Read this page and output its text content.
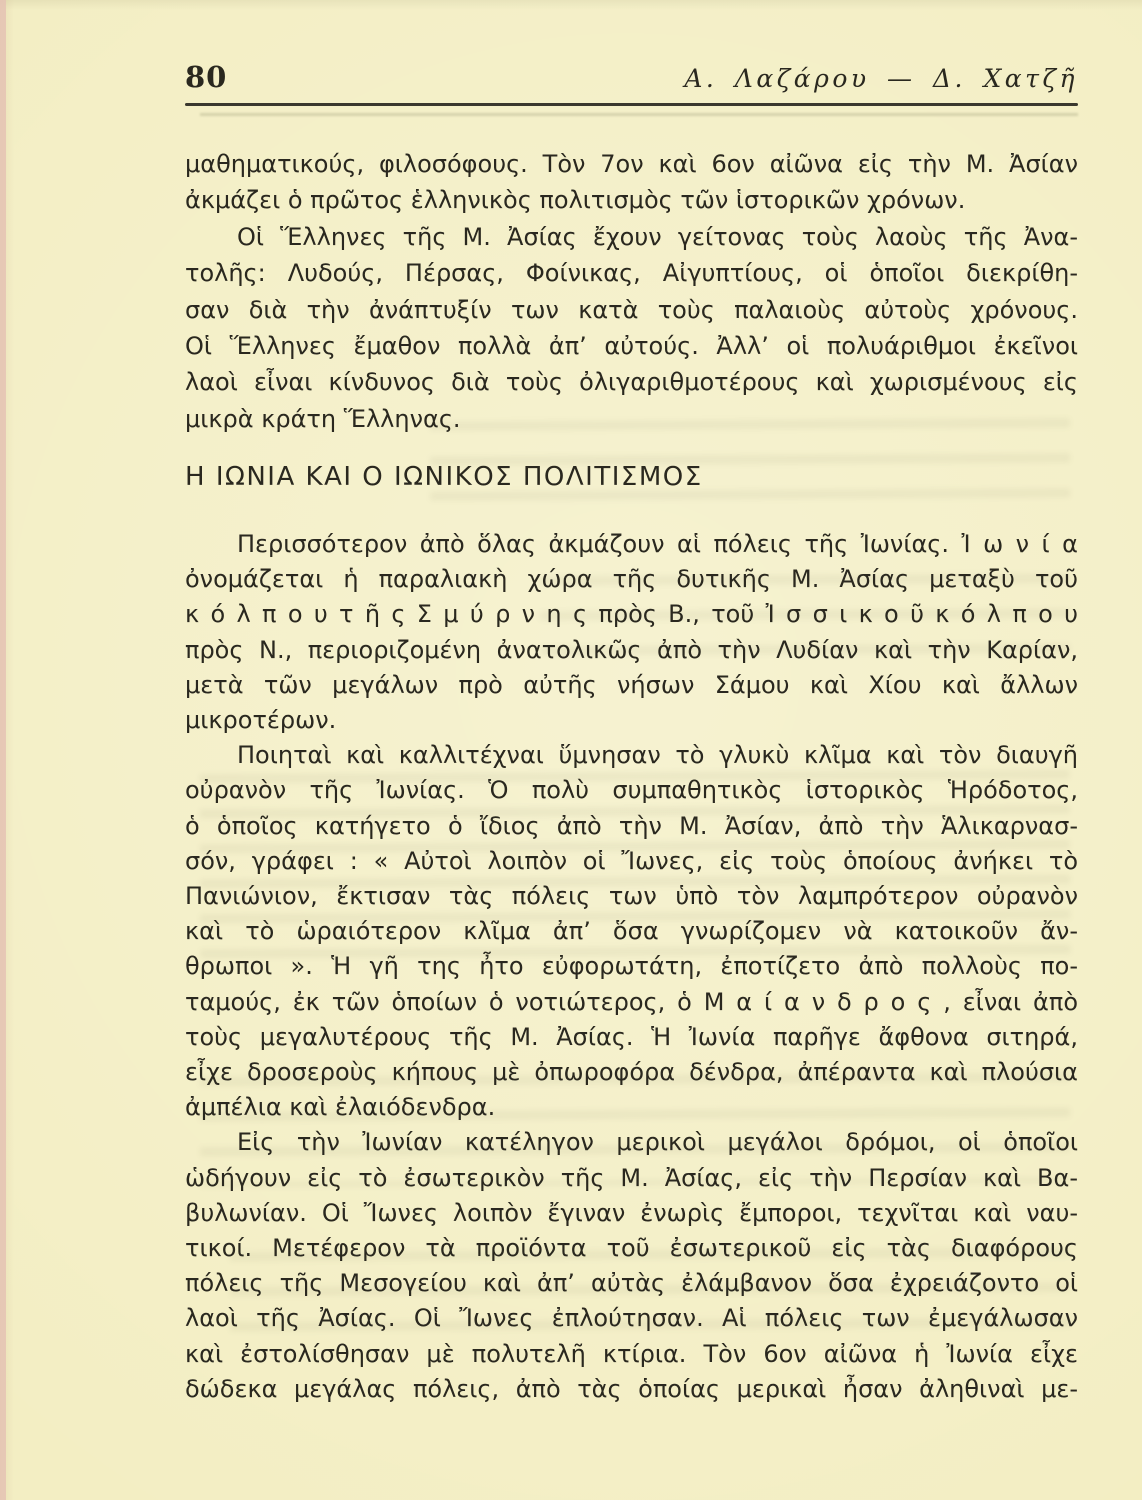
80	Α. Λαζάρου — Δ. Χατζῆ
μαθηματικούς, φιλοσόφους. Τὸν 7ον καὶ 6ον αἰῶνα εἰς τὴν Μ. Ἀσίαν
ἀκμάζει ὁ πρῶτος ἑλληνικὸς πολιτισμὸς τῶν ἱστορικῶν χρόνων.
Οἱ Ἕλληνες τῆς Μ. Ἀσίας ἔχουν γείτονας τοὺς λαοὺς τῆς Ἀνα-
τολῆς: Λυδούς, Πέρσας, Φοίνικας, Αἰγυπτίους, οἱ ὁποῖοι διεκρίθη-
σαν διὰ τὴν ἀνάπτυξίν των κατὰ τοὺς παλαιοὺς αὐτοὺς χρόνους.
Οἱ Ἕλληνες ἔμαθον πολλὰ ἀπ’ αὐτούς. Ἀλλ’ οἱ πολυάριθμοι ἐκεῖνοι
λαοὶ εἶναι κίνδυνος διὰ τοὺς ὀλιγαριθμοτέρους καὶ χωρισμένους εἰς
μικρὰ κράτη Ἕλληνας.
Η ΙΩΝΙΑ ΚΑΙ Ο ΙΩΝΙΚΟΣ ΠΟΛΙΤΙΣΜΟΣ
Περισσότερον ἀπὸ ὅλας ἀκμάζουν αἱ πόλεις τῆς Ἰωνίας. Ἰ ω ν ί α
ὀνομάζεται ἡ παραλιακὴ χώρα τῆς δυτικῆς Μ. Ἀσίας μεταξὺ τοῦ
κ ό λ π ο υ τ ῆ ς Σ μ ύ ρ ν η ς πρὸς Β., τοῦ Ἰ σ σ ι κ ο ῦ κ ό λ π ο υ
πρὸς Ν., περιοριζομένη ἀνατολικῶς ἀπὸ τὴν Λυδίαν καὶ τὴν Καρίαν,
μετὰ τῶν μεγάλων πρὸ αὐτῆς νήσων Σάμου καὶ Χίου καὶ ἄλλων
μικροτέρων.
Ποιηταὶ καὶ καλλιτέχναι ὕμνησαν τὸ γλυκὺ κλῖμα καὶ τὸν διαυγῆ
οὐρανὸν τῆς Ἰωνίας. Ὁ πολὺ συμπαθητικὸς ἱστορικὸς Ἡρόδοτος,
ὁ ὁποῖος κατήγετο ὁ ἴδιος ἀπὸ τὴν Μ. Ἀσίαν, ἀπὸ τὴν Ἁλικαρνασ-
σόν, γράφει : « Αὐτοὶ λοιπὸν οἱ Ἴωνες, εἰς τοὺς ὁποίους ἀνήκει τὸ
Πανιώνιον, ἔκτισαν τὰς πόλεις των ὑπὸ τὸν λαμπρότερον οὐρανὸν
καὶ τὸ ὡραιότερον κλῖμα ἀπ’ ὅσα γνωρίζομεν νὰ κατοικοῦν ἄν-
θρωποι ». Ἡ γῆ της ἦτο εὐφορωτάτη, ἐποτίζετο ἀπὸ πολλοὺς πο-
ταμούς, ἐκ τῶν ὁποίων ὁ νοτιώτερος, ὁ Μ α ί α ν δ ρ ο ς , εἶναι ἀπὸ
τοὺς μεγαλυτέρους τῆς Μ. Ἀσίας. Ἡ Ἰωνία παρῆγε ἄφθονα σιτηρά,
εἶχε δροσεροὺς κήπους μὲ ὀπωροφόρα δένδρα, ἀπέραντα καὶ πλούσια
ἀμπέλια καὶ ἐλαιόδενδρα.
Εἰς τὴν Ἰωνίαν κατέληγον μερικοὶ μεγάλοι δρόμοι, οἱ ὁποῖοι
ὡδήγουν εἰς τὸ ἐσωτερικὸν τῆς Μ. Ἀσίας, εἰς τὴν Περσίαν καὶ Βα-
βυλωνίαν. Οἱ Ἴωνες λοιπὸν ἔγιναν ἐνωρὶς ἔμποροι, τεχνῖται καὶ ναυ-
τικοί. Μετέφερον τὰ προϊόντα τοῦ ἐσωτερικοῦ εἰς τὰς διαφόρους
πόλεις τῆς Μεσογείου καὶ ἀπ’ αὐτὰς ἐλάμβανον ὅσα ἐχρειάζοντο οἱ
λαοὶ τῆς Ἀσίας. Οἱ Ἴωνες ἐπλούτησαν. Αἱ πόλεις των ἐμεγάλωσαν
καὶ ἐστολίσθησαν μὲ πολυτελῆ κτίρια. Τὸν 6ον αἰῶνα ἡ Ἰωνία εἶχε
δώδεκα μεγάλας πόλεις, ἀπὸ τὰς ὁποίας μερικαὶ ἦσαν ἀληθιναὶ με-
